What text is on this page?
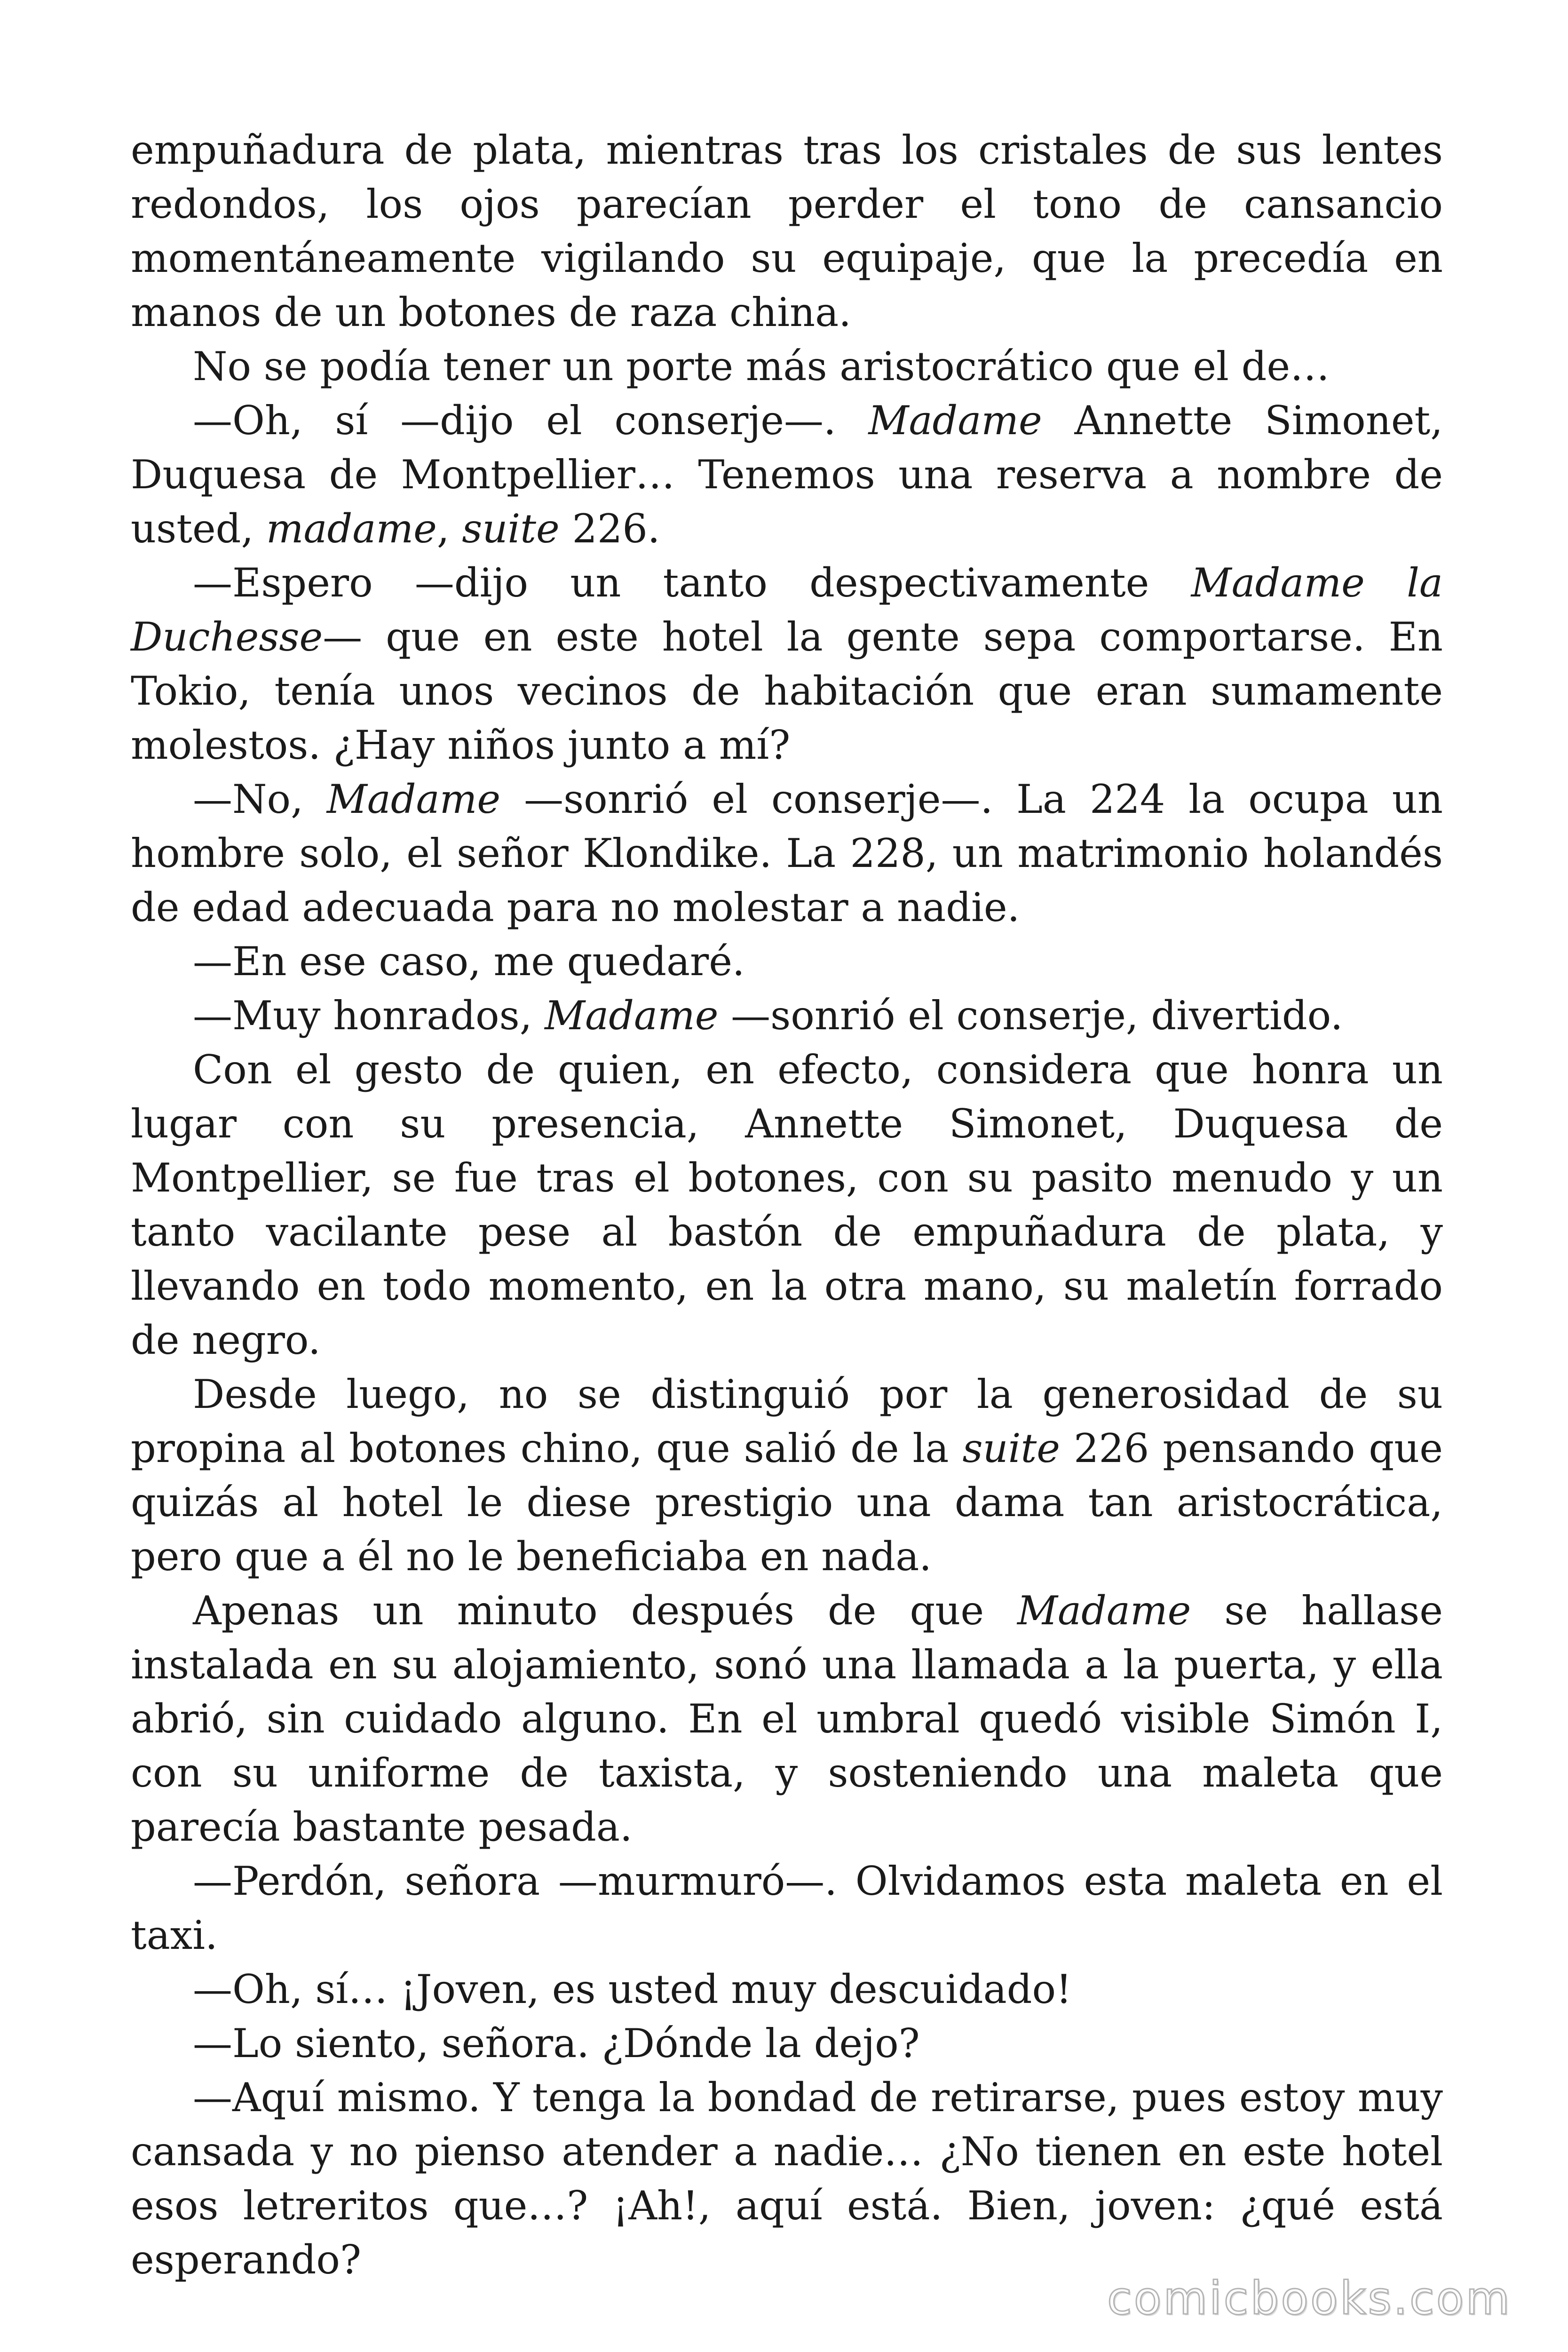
empuñadura de plata, mientras tras los cristales de sus lentes redondos, los ojos parecían perder el tono de cansancio momentáneamente vigilando su equipaje, que la precedía en manos de un botones de raza china.

No se podía tener un porte más aristocrático que el de…

—Oh, sí —dijo el conserje—. Madame Annette Simonet, Duquesa de Montpellier… Tenemos una reserva a nombre de usted, madame, suite 226.

—Espero —dijo un tanto despectivamente Madame la Duchesse— que en este hotel la gente sepa comportarse. En Tokio, tenía unos vecinos de habitación que eran sumamente molestos. ¿Hay niños junto a mí?

—No, Madame —sonrió el conserje—. La 224 la ocupa un hombre solo, el señor Klondike. La 228, un matrimonio holandés de edad adecuada para no molestar a nadie.

—En ese caso, me quedaré.

—Muy honrados, Madame —sonrió el conserje, divertido.

Con el gesto de quien, en efecto, considera que honra un lugar con su presencia, Annette Simonet, Duquesa de Montpellier, se fue tras el botones, con su pasito menudo y un tanto vacilante pese al bastón de empuñadura de plata, y llevando en todo momento, en la otra mano, su maletín forrado de negro.

Desde luego, no se distinguió por la generosidad de su propina al botones chino, que salió de la suite 226 pensando que quizás al hotel le diese prestigio una dama tan aristocrática, pero que a él no le beneficiaba en nada.

Apenas un minuto después de que Madame se hallase instalada en su alojamiento, sonó una llamada a la puerta, y ella abrió, sin cuidado alguno. En el umbral quedó visible Simón I, con su uniforme de taxista, y sosteniendo una maleta que parecía bastante pesada.

—Perdón, señora —murmuró—. Olvidamos esta maleta en el taxi.

—Oh, sí… ¡Joven, es usted muy descuidado!

—Lo siento, señora. ¿Dónde la dejo?

—Aquí mismo. Y tenga la bondad de retirarse, pues estoy muy cansada y no pienso atender a nadie… ¿No tienen en este hotel esos letreritos que…? ¡Ah!, aquí está. Bien, joven: ¿qué está esperando?

comicbooks.com
